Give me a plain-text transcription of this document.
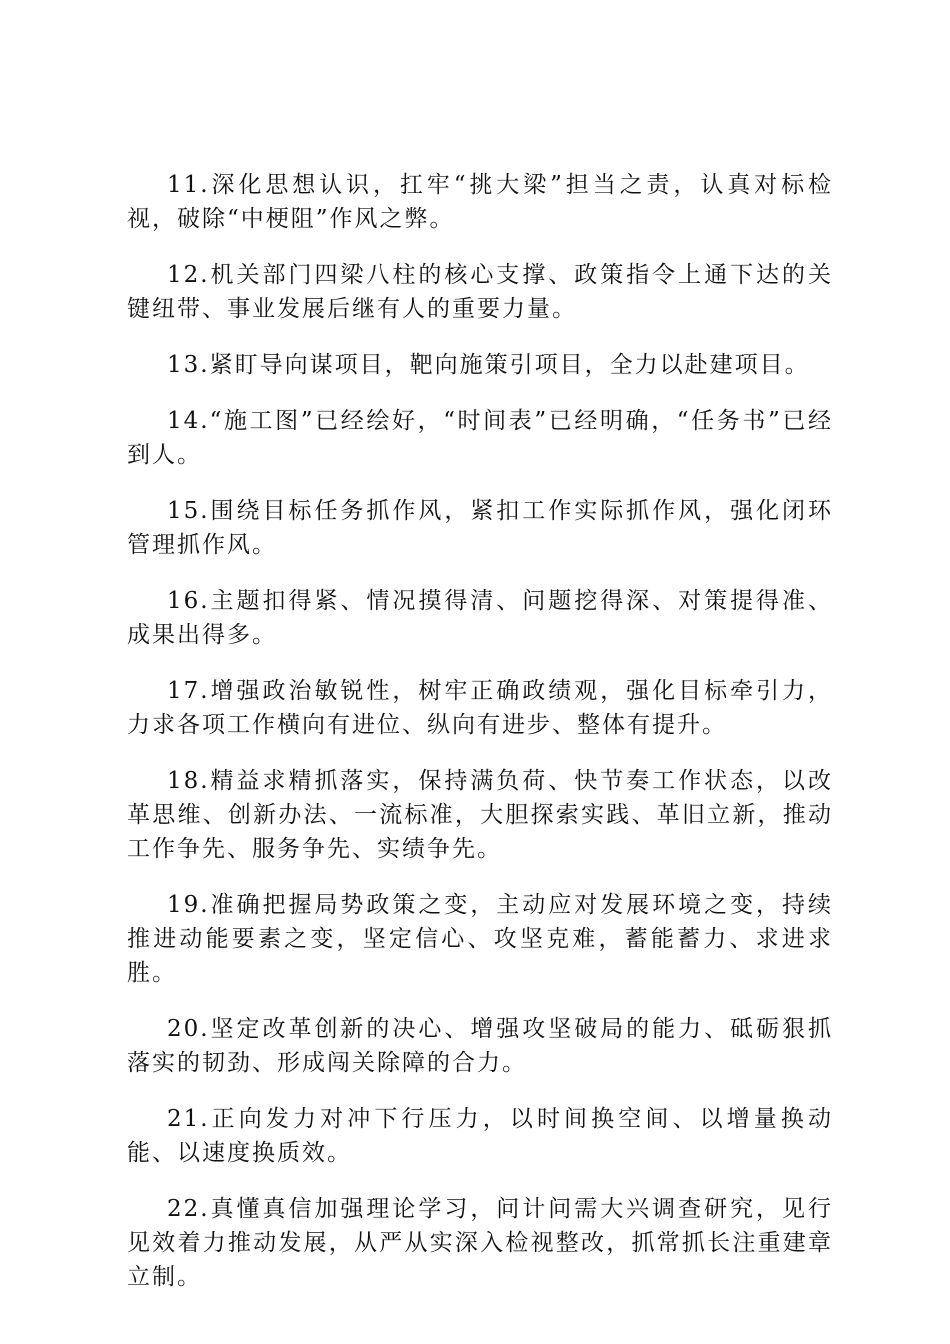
11.深化思想认识，扛牢“挑大梁”担当之责，认真对标检视，破除“中梗阻”作风之弊。

12.机关部门四梁八柱的核心支撑、政策指令上通下达的关键纽带、事业发展后继有人的重要力量。

13.紧盯导向谋项目，靶向施策引项目，全力以赴建项目。

14.“施工图”已经绘好，“时间表”已经明确，“任务书”已经到人。

15.围绕目标任务抓作风，紧扣工作实际抓作风，强化闭环管理抓作风。

16.主题扣得紧、情况摸得清、问题挖得深、对策提得准、成果出得多。

17.增强政治敏锐性，树牢正确政绩观，强化目标牵引力，力求各项工作横向有进位、纵向有进步、整体有提升。

18.精益求精抓落实，保持满负荷、快节奏工作状态，以改革思维、创新办法、一流标准，大胆探索实践、革旧立新，推动工作争先、服务争先、实绩争先。

19.准确把握局势政策之变，主动应对发展环境之变，持续推进动能要素之变，坚定信心、攻坚克难，蓄能蓄力、求进求胜。

20.坚定改革创新的决心、增强攻坚破局的能力、砥砺狠抓落实的韧劲、形成闯关除障的合力。

21.正向发力对冲下行压力，以时间换空间、以增量换动能、以速度换质效。

22.真懂真信加强理论学习，问计问需大兴调查研究，见行见效着力推动发展，从严从实深入检视整改，抓常抓长注重建章立制。
